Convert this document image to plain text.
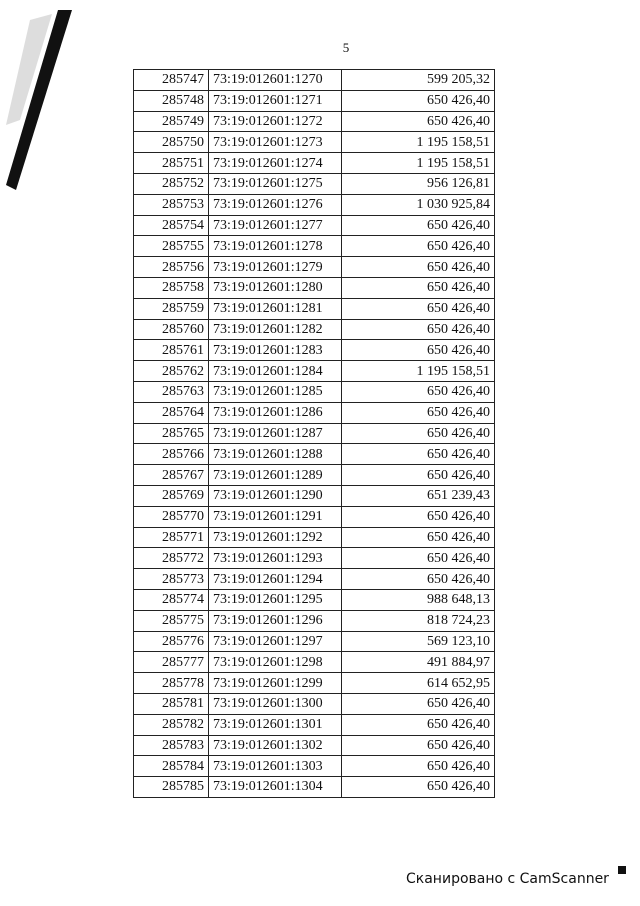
5
285747	73:19:012601:1270	599 205,32
285748	73:19:012601:1271	650 426,40
285749	73:19:012601:1272	650 426,40
285750	73:19:012601:1273	1 195 158,51
285751	73:19:012601:1274	1 195 158,51
285752	73:19:012601:1275	956 126,81
285753	73:19:012601:1276	1 030 925,84
285754	73:19:012601:1277	650 426,40
285755	73:19:012601:1278	650 426,40
285756	73:19:012601:1279	650 426,40
285758	73:19:012601:1280	650 426,40
285759	73:19:012601:1281	650 426,40
285760	73:19:012601:1282	650 426,40
285761	73:19:012601:1283	650 426,40
285762	73:19:012601:1284	1 195 158,51
285763	73:19:012601:1285	650 426,40
285764	73:19:012601:1286	650 426,40
285765	73:19:012601:1287	650 426,40
285766	73:19:012601:1288	650 426,40
285767	73:19:012601:1289	650 426,40
285769	73:19:012601:1290	651 239,43
285770	73:19:012601:1291	650 426,40
285771	73:19:012601:1292	650 426,40
285772	73:19:012601:1293	650 426,40
285773	73:19:012601:1294	650 426,40
285774	73:19:012601:1295	988 648,13
285775	73:19:012601:1296	818 724,23
285776	73:19:012601:1297	569 123,10
285777	73:19:012601:1298	491 884,97
285778	73:19:012601:1299	614 652,95
285781	73:19:012601:1300	650 426,40
285782	73:19:012601:1301	650 426,40
285783	73:19:012601:1302	650 426,40
285784	73:19:012601:1303	650 426,40
285785	73:19:012601:1304	650 426,40
Сканировано с CamScanner
